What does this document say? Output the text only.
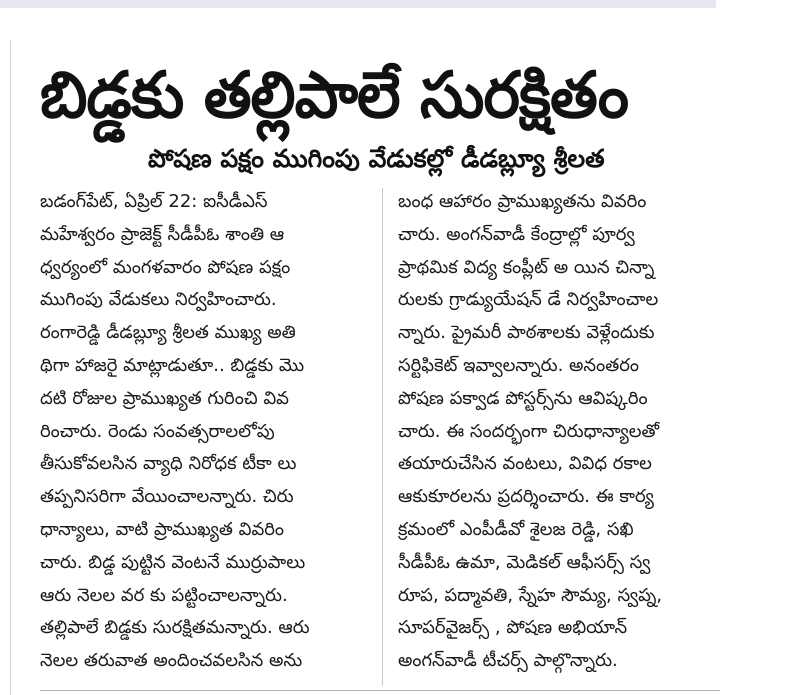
బిడ్డకు తల్లిపాలే సురక్షితం
పోషణ పక్షం ముగింపు వేడుకల్లో డీడబ్ల్యూ శ్రీలత
బడంగ్‌పేట్‌, ఏప్రిల్‌ 22: ఐసీడీఎస్‌
మహేశ్వరం ప్రాజెక్ట్‌ సీడీపీఓ శాంతి ఆ
ధ్వర్యంలో మంగళవారం పోషణ పక్షం
ముగింపు వేడుకలు నిర్వహించారు.
రంగారెడ్డి డీడబ్ల్యూ శ్రీలత ముఖ్య అతి
థిగా హాజరై మాట్లాడుతూ.. బిడ్డకు మొ
దటి రోజుల ప్రాముఖ్యత గురించి వివ
రించారు. రెండు సంవత్సరాలలోపు
తీసుకోవలసిన వ్యాధి నిరోధక టీకా లు
తప్పనిసరిగా వేయించాలన్నారు. చిరు
ధాన్యాలు, వాటి ప్రాముఖ్యత వివరిం
చారు. బిడ్డ పుట్టిన వెంటనే ముర్రుపాలు
ఆరు నెలల వర కు పట్టించాలన్నారు.
తల్లిపాలే బిడ్డకు సురక్షితమన్నారు. ఆరు
నెలల తరువాత అందించవలసిన అను
బంధ ఆహారం ప్రాముఖ్యతను వివరిం
చారు. అంగన్‌వాడీ కేంద్రాల్లో పూర్వ
ప్రాథమిక విద్య కంప్లీట్‌ అ యిన చిన్నా
రులకు గ్రాడ్యుయేషన్‌ డే నిర్వహించాల
న్నారు. ప్రైమరీ పాఠశాలకు వెళ్లేందుకు
సర్టిఫికెట్‌ ఇవ్వాలన్నారు. అనంతరం
పోషణ పక్వాడ పోస్టర్స్‌ను ఆవిష్కరిం
చారు. ఈ సందర్భంగా చిరుధాన్యాలతో
తయారుచేసిన వంటలు, వివిధ రకాల
ఆకుకూరలను ప్రదర్శించారు. ఈ కార్య
క్రమంలో ఎంపీడీవో శైలజ రెడ్డి, సఖి
సీడీపీఓ ఉమా, మెడికల్‌ ఆఫీసర్స్‌ స్వ
రూప, పద్మావతి, స్నేహ సౌమ్య, స్వప్న,
సూపర్‌వైజర్స్‌ , పోషణ అభియాన్‌
అంగన్‌వాడీ టీచర్స్‌ పాల్గొన్నారు.
